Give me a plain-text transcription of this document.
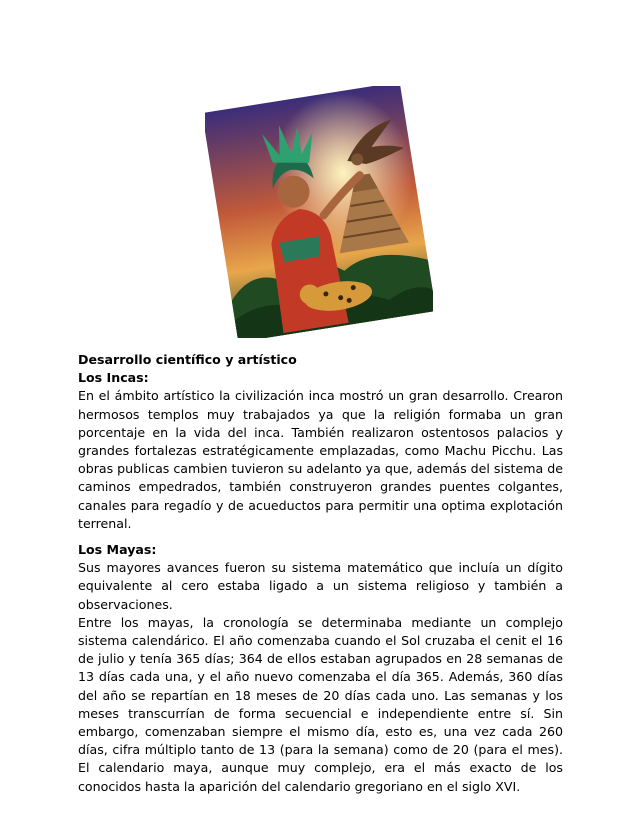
Desarrollo científico y artístico

Los Incas:

En el ámbito artístico la civilización inca mostró un gran desarrollo. Crearon hermosos templos muy trabajados ya que la religión formaba un gran porcentaje en la vida del inca. También realizaron ostentosos palacios y grandes fortalezas estratégicamente emplazadas, como Machu Picchu. Las obras publicas cambien tuvieron su adelanto ya que, además del sistema de caminos empedrados, también construyeron grandes puentes colgantes, canales para regadío y de acueductos para permitir una optima explotación terrenal.

Los Mayas:

Sus mayores avances fueron su sistema matemático que incluía un dígito equivalente al cero estaba ligado a un sistema religioso y también a observaciones.

Entre los mayas, la cronología se determinaba mediante un complejo sistema calendárico. El año comenzaba cuando el Sol cruzaba el cenit el 16 de julio y tenía 365 días; 364 de ellos estaban agrupados en 28 semanas de 13 días cada una, y el año nuevo comenzaba el día 365. Además, 360 días del año se repartían en 18 meses de 20 días cada uno. Las semanas y los meses transcurrían de forma secuencial e independiente entre sí. Sin embargo, comenzaban siempre el mismo día, esto es, una vez cada 260 días, cifra múltiplo tanto de 13 (para la semana) como de 20 (para el mes). El calendario maya, aunque muy complejo, era el más exacto de los conocidos hasta la aparición del calendario gregoriano en el siglo XVI.
